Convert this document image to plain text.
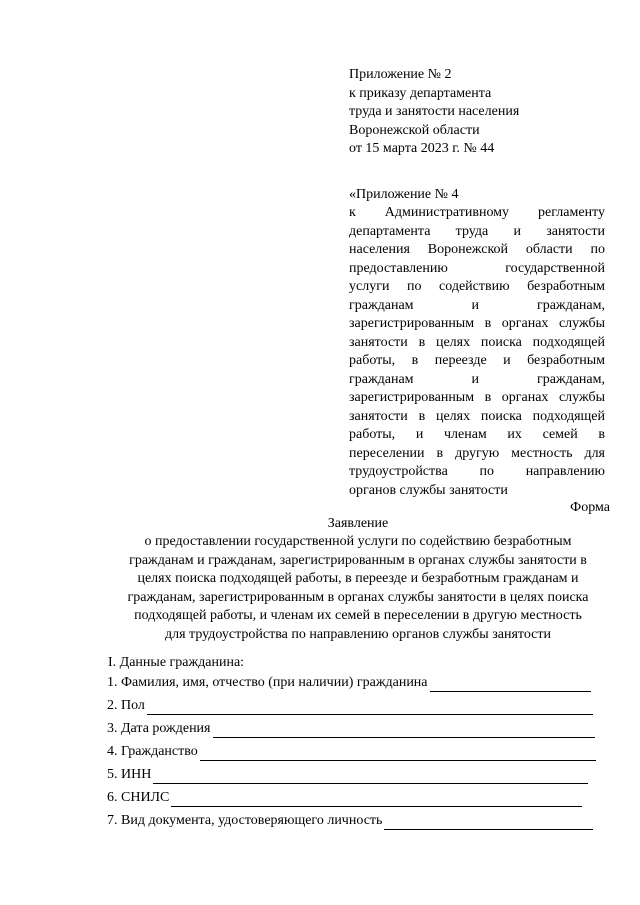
Приложение № 2
к приказу департамента
труда и занятости населения
Воронежской области
от 15 марта 2023 г. № 44
«Приложение № 4
к Административному регламенту
департамента труда и занятости
населения Воронежской области по
предоставлению государственной
услуги по содействию безработным
гражданам и гражданам,
зарегистрированным в органах службы
занятости в целях поиска подходящей
работы, в переезде и безработным
гражданам и гражданам,
зарегистрированным в органах службы
занятости в целях поиска подходящей
работы, и членам их семей в
переселении в другую местность для
трудоустройства по направлению
органов службы занятости
Форма
Заявление
о предоставлении государственной услуги по содействию безработным
гражданам и гражданам, зарегистрированным в органах службы занятости в
целях поиска подходящей работы, в переезде и безработным гражданам и
гражданам, зарегистрированным в органах службы занятости в целях поиска
подходящей работы, и членам их семей в переселении в другую местность
для трудоустройства по направлению органов службы занятости
I. Данные гражданина:
1. Фамилия, имя, отчество (при наличии) гражданина
2. Пол
3. Дата рождения
4. Гражданство
5. ИНН
6. СНИЛС
7. Вид документа, удостоверяющего личность
